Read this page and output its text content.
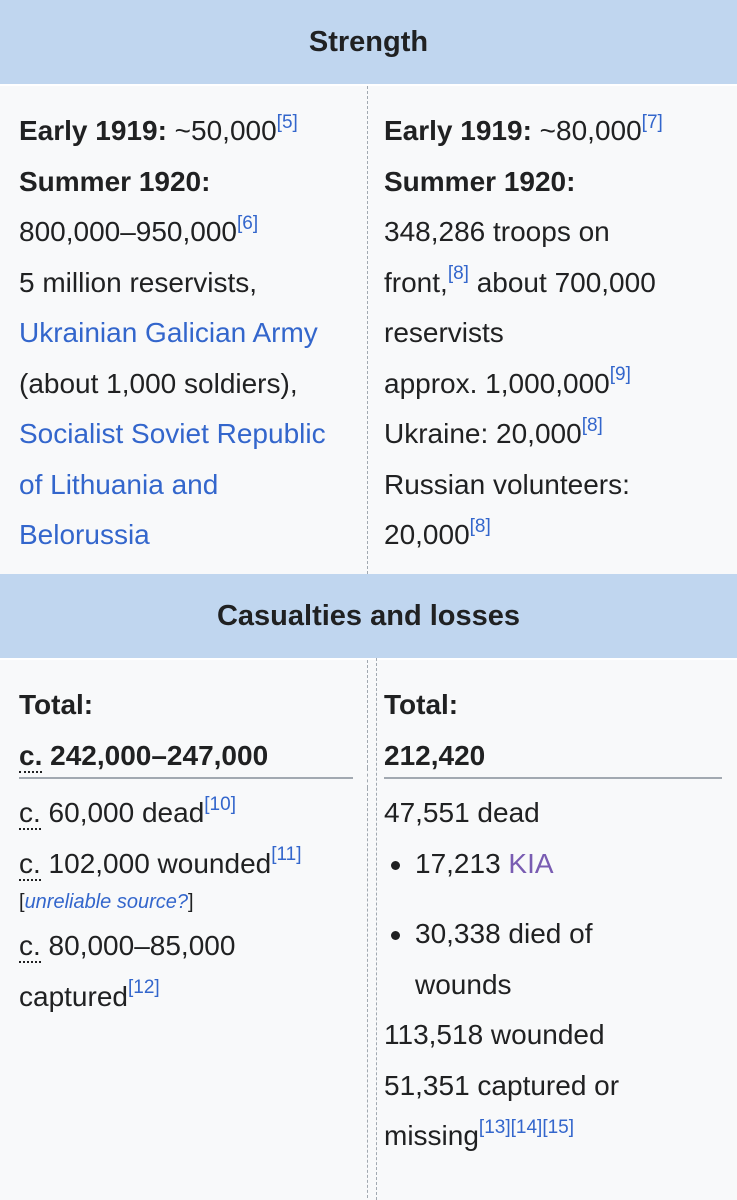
Strength
Early 1919: ~50,000[5]
Summer 1920:
800,000–950,000[6]
5 million reservists,
Ukrainian Galician Army
(about 1,000 soldiers),
Socialist Soviet Republic
of Lithuania and
Belorussia
Early 1919: ~80,000[7]
Summer 1920:
348,286 troops on
front,[8] about 700,000
reservists
approx. 1,000,000[9]
Ukraine: 20,000[8]
Russian volunteers:
20,000[8]
Casualties and losses
Total:
c. 242,000–247,000
Total:
212,420
c. 60,000 dead[10]
c. 102,000 wounded[11]
[unreliable source?]
c. 80,000–85,000
captured[12]
47,551 dead
17,213 KIA
30,338 died of
wounds
113,518 wounded
51,351 captured or
missing[13][14][15]
